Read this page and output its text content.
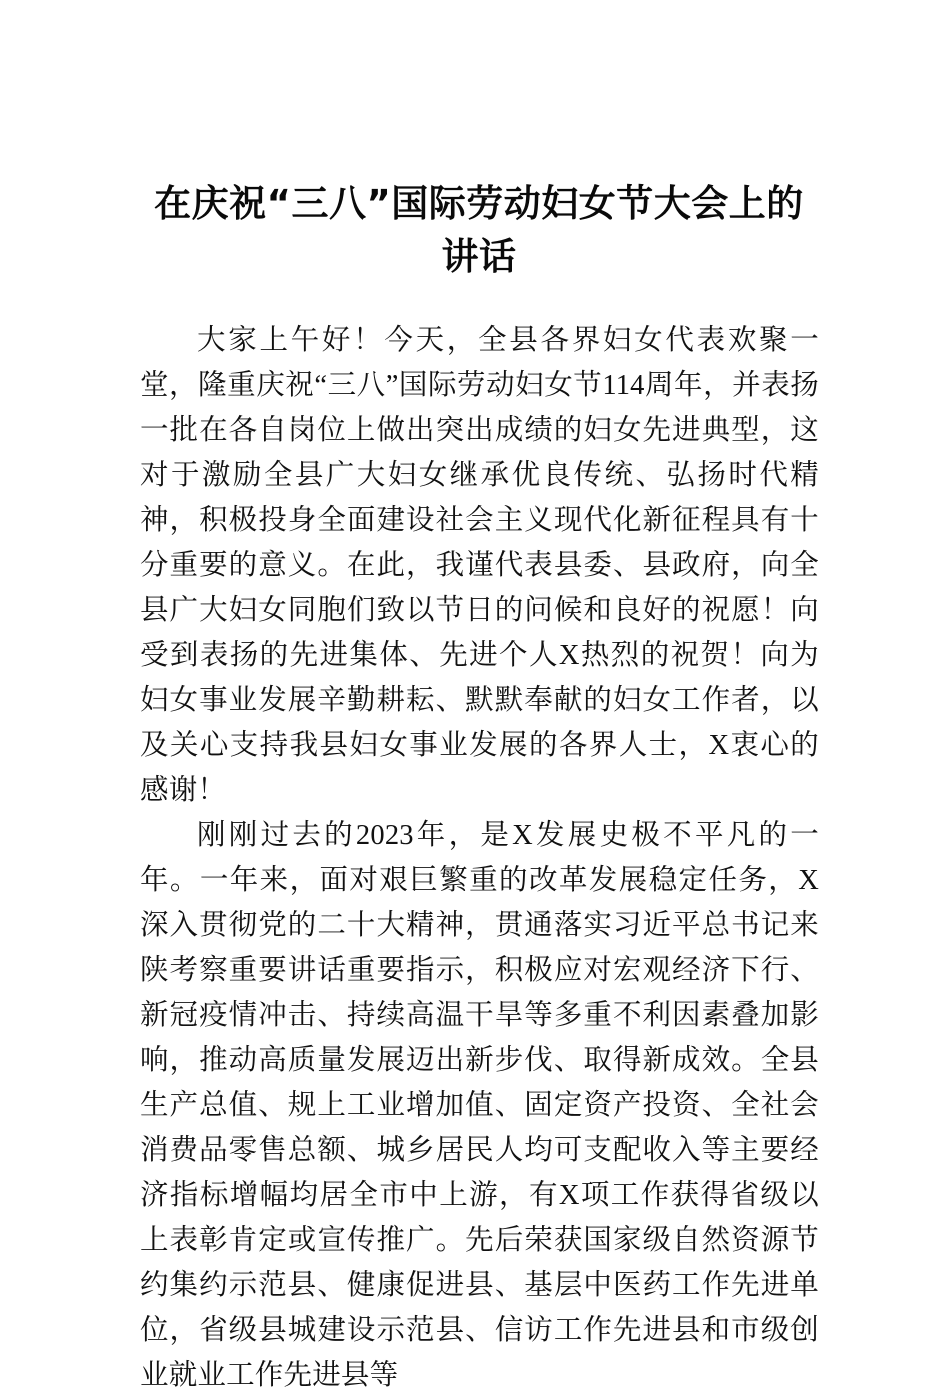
在庆祝“三八”国际劳动妇女节大会上的
讲话

大家上午好！今天，全县各界妇女代表欢聚一堂，隆重庆祝“三八”国际劳动妇女节114周年，并表扬一批在各自岗位上做出突出成绩的妇女先进典型，这对于激励全县广大妇女继承优良传统、弘扬时代精神，积极投身全面建设社会主义现代化新征程具有十分重要的意义。在此，我谨代表县委、县政府，向全县广大妇女同胞们致以节日的问候和良好的祝愿！向受到表扬的先进集体、先进个人X热烈的祝贺！向为妇女事业发展辛勤耕耘、默默奉献的妇女工作者，以及关心支持我县妇女事业发展的各界人士，X衷心的感谢！

刚刚过去的2023年，是X发展史极不平凡的一年。一年来，面对艰巨繁重的改革发展稳定任务，X深入贯彻党的二十大精神，贯通落实习近平总书记来陕考察重要讲话重要指示，积极应对宏观经济下行、新冠疫情冲击、持续高温干旱等多重不利因素叠加影响，推动高质量发展迈出新步伐、取得新成效。全县生产总值、规上工业增加值、固定资产投资、全社会消费品零售总额、城乡居民人均可支配收入等主要经济指标增幅均居全市中上游，有X项工作获得省级以上表彰肯定或宣传推广。先后荣获国家级自然资源节约集约示范县、健康促进县、基层中医药工作先进单位，省级县城建设示范县、信访工作先进县和市级创业就业工作先进县等
